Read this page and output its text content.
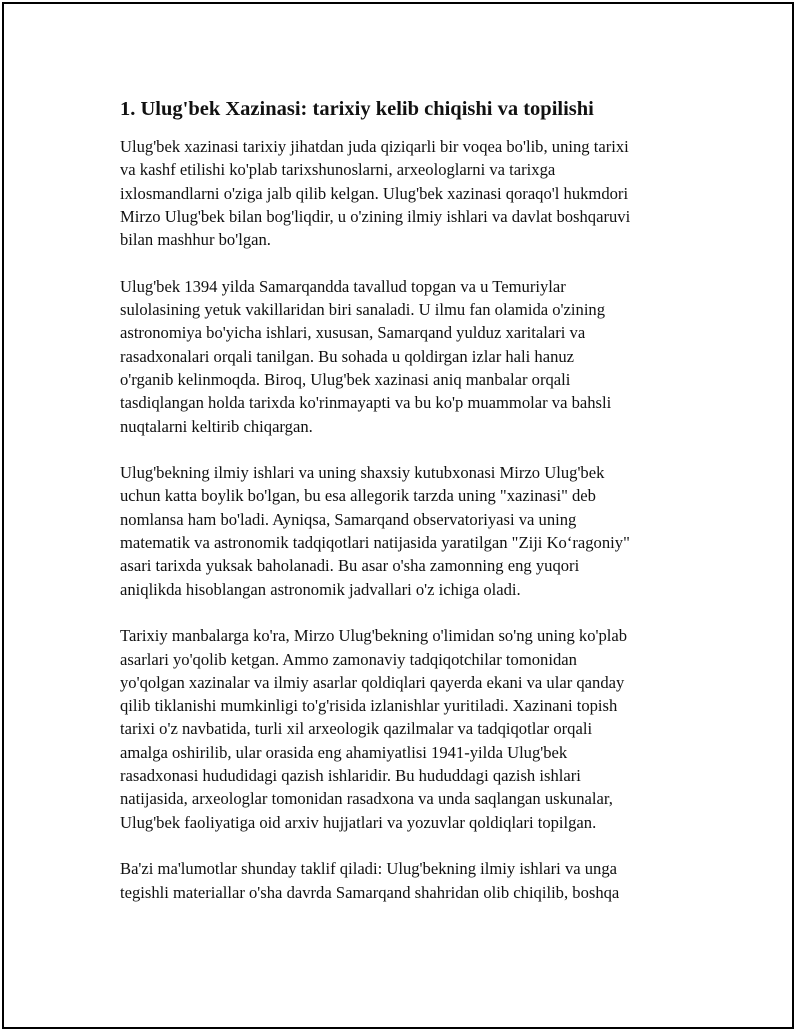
1. Ulug'bek Xazinasi: tarixiy kelib chiqishi va topilishi

Ulug'bek xazinasi tarixiy jihatdan juda qiziqarli bir voqea bo'lib, uning tarixi
va kashf etilishi ko'plab tarixshunoslarni, arxeologlarni va tarixga
ixlosmandlarni o'ziga jalb qilib kelgan. Ulug'bek xazinasi qoraqo'l hukmdori
Mirzo Ulug'bek bilan bog'liqdir, u o'zining ilmiy ishlari va davlat boshqaruvi
bilan mashhur bo'lgan.

Ulug'bek 1394 yilda Samarqandda tavallud topgan va u Temuriylar
sulolasining yetuk vakillaridan biri sanaladi. U ilmu fan olamida o'zining
astronomiya bo'yicha ishlari, xususan, Samarqand yulduz xaritalari va
rasadxonalari orqali tanilgan. Bu sohada u qoldirgan izlar hali hanuz
o'rganib kelinmoqda. Biroq, Ulug'bek xazinasi aniq manbalar orqali
tasdiqlangan holda tarixda ko'rinmayapti va bu ko'p muammolar va bahsli
nuqtalarni keltirib chiqargan.

Ulug'bekning ilmiy ishlari va uning shaxsiy kutubxonasi Mirzo Ulug'bek
uchun katta boylik bo'lgan, bu esa allegorik tarzda uning "xazinasi" deb
nomlansa ham bo'ladi. Ayniqsa, Samarqand observatoriyasi va uning
matematik va astronomik tadqiqotlari natijasida yaratilgan "Ziji Ko‘ragoniy"
asari tarixda yuksak baholanadi. Bu asar o'sha zamonning eng yuqori
aniqlikda hisoblangan astronomik jadvallari o'z ichiga oladi.

Tarixiy manbalarga ko'ra, Mirzo Ulug'bekning o'limidan so'ng uning ko'plab
asarlari yo'qolib ketgan. Ammo zamonaviy tadqiqotchilar tomonidan
yo'qolgan xazinalar va ilmiy asarlar qoldiqlari qayerda ekani va ular qanday
qilib tiklanishi mumkinligi to'g'risida izlanishlar yuritiladi. Xazinani topish
tarixi o'z navbatida, turli xil arxeologik qazilmalar va tadqiqotlar orqali
amalga oshirilib, ular orasida eng ahamiyatlisi 1941-yilda Ulug'bek
rasadxonasi hududidagi qazish ishlaridir. Bu hududdagi qazish ishlari
natijasida, arxeologlar tomonidan rasadxona va unda saqlangan uskunalar,
Ulug'bek faoliyatiga oid arxiv hujjatlari va yozuvlar qoldiqlari topilgan.

Ba'zi ma'lumotlar shunday taklif qiladi: Ulug'bekning ilmiy ishlari va unga
tegishli materiallar o'sha davrda Samarqand shahridan olib chiqilib, boshqa
